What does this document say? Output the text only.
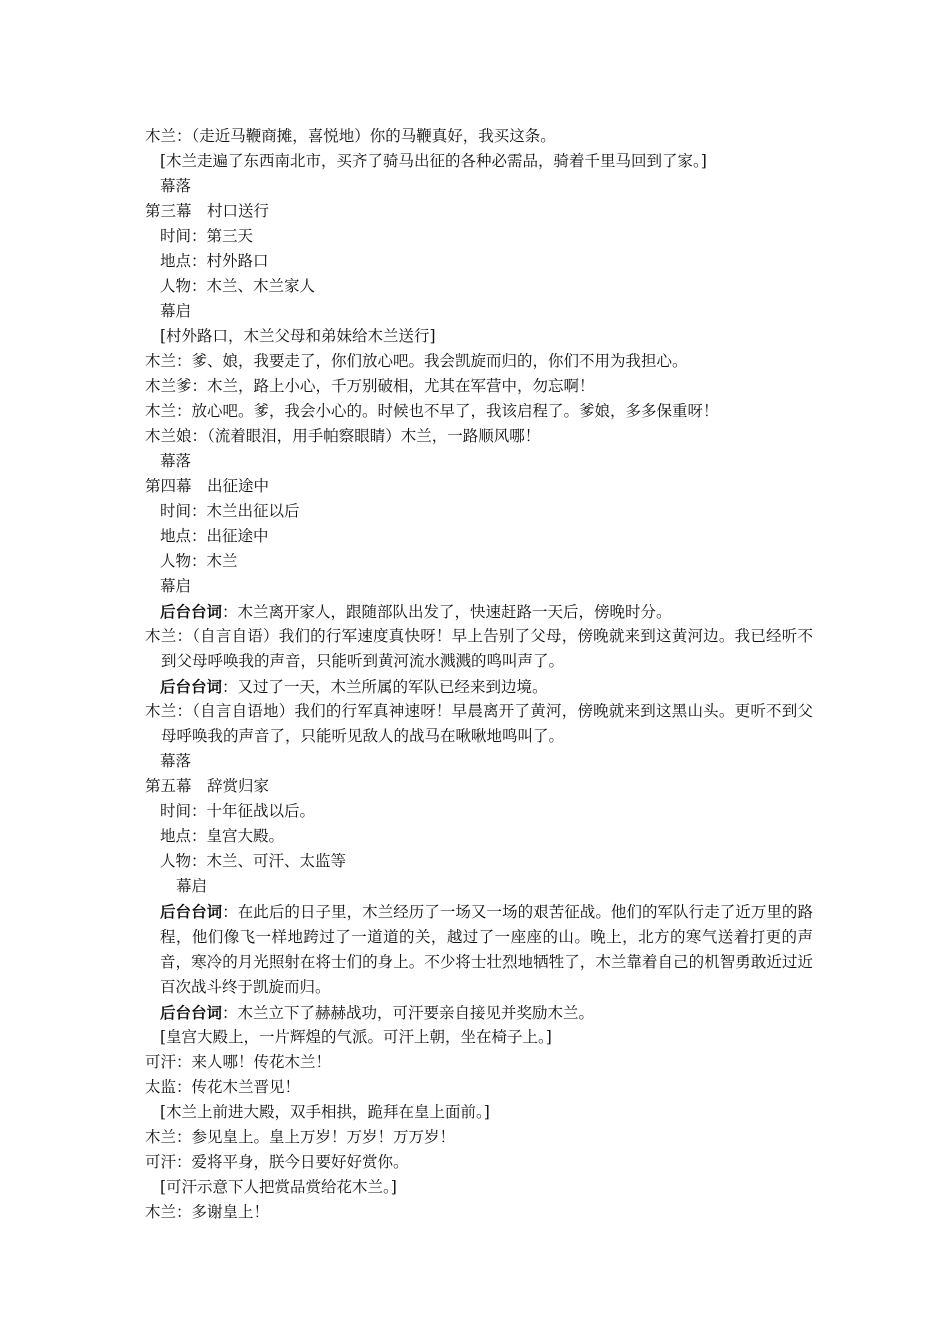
木兰：（走近马鞭商摊，喜悦地）你的马鞭真好，我买这条。
[木兰走遍了东西南北市，买齐了骑马出征的各种必需品，骑着千里马回到了家。]
幕落
第三幕　村口送行
时间：第三天
地点：村外路口
人物：木兰、木兰家人
幕启
[村外路口，木兰父母和弟妹给木兰送行]
木兰：爹、娘，我要走了，你们放心吧。我会凯旋而归的，你们不用为我担心。
木兰爹：木兰，路上小心，千万别破相，尤其在军营中，勿忘啊！
木兰：放心吧。爹，我会小心的。时候也不早了，我该启程了。爹娘，多多保重呀！
木兰娘：（流着眼泪，用手帕察眼睛）木兰，一路顺风哪！
幕落
第四幕　出征途中
时间：木兰出征以后
地点：出征途中
人物：木兰
幕启
后台台词：木兰离开家人，跟随部队出发了，快速赶路一天后，傍晚时分。
木兰：（自言自语）我们的行军速度真快呀！早上告别了父母，傍晚就来到这黄河边。我已经听不到父母呼唤我的声音，只能听到黄河流水溅溅的鸣叫声了。
后台台词：又过了一天，木兰所属的军队已经来到边境。
木兰：（自言自语地）我们的行军真神速呀！早晨离开了黄河，傍晚就来到这黑山头。更听不到父母呼唤我的声音了，只能听见敌人的战马在啾啾地鸣叫了。
幕落
第五幕　辞赏归家
时间：十年征战以后。
地点：皇宫大殿。
人物：木兰、可汗、太监等
幕启
后台台词：在此后的日子里，木兰经历了一场又一场的艰苦征战。他们的军队行走了近万里的路程，他们像飞一样地跨过了一道道的关，越过了一座座的山。晚上，北方的寒气送着打更的声音，寒冷的月光照射在将士们的身上。不少将士壮烈地牺牲了，木兰靠着自己的机智勇敢近过近百次战斗终于凯旋而归。
后台台词：木兰立下了赫赫战功，可汗要亲自接见并奖励木兰。
[皇宫大殿上，一片辉煌的气派。可汗上朝，坐在椅子上。]
可汗：来人哪！传花木兰！
太监：传花木兰晋见！
[木兰上前进大殿，双手相拱，跪拜在皇上面前。]
木兰：参见皇上。皇上万岁！万岁！万万岁！
可汗：爱将平身，朕今日要好好赏你。
[可汗示意下人把赏品赏给花木兰。]
木兰：多谢皇上！
